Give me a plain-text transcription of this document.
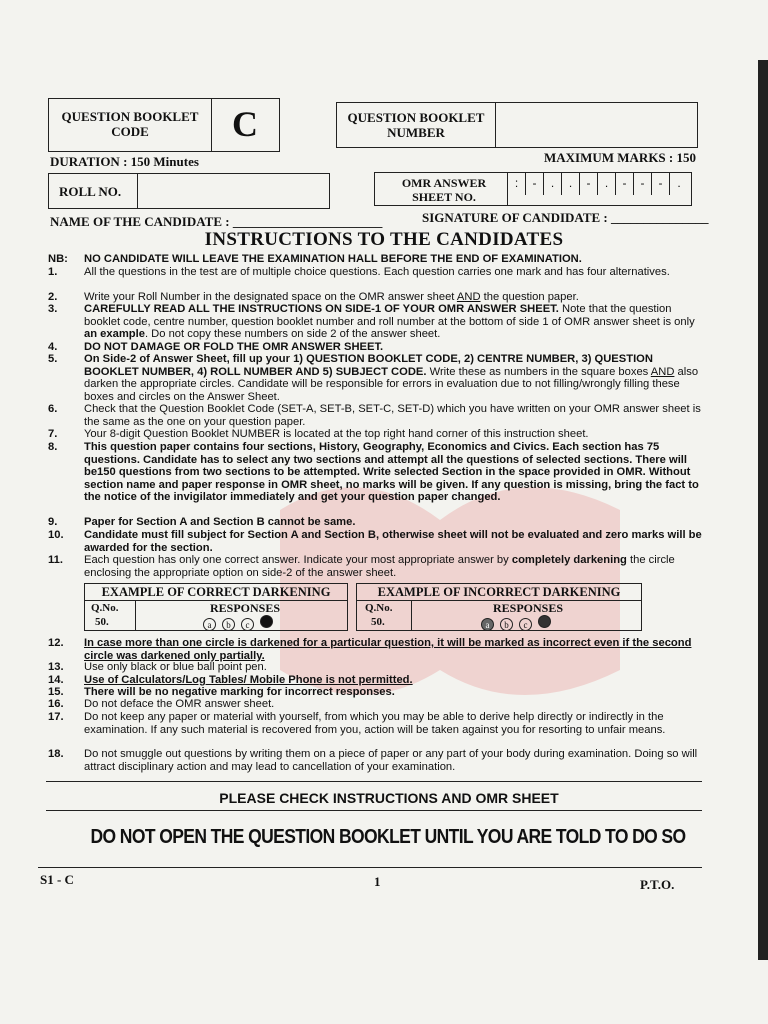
QUESTION BOOKLET CODE	C	QUESTION BOOKLET NUMBER
DURATION : 150 Minutes	MAXIMUM MARKS : 150
ROLL NO.
OMR ANSWER SHEET NO.
: - . . - . - - - .
NAME OF THE CANDIDATE : _______________________	SIGNATURE OF CANDIDATE : _______________
INSTRUCTIONS TO THE CANDIDATES
NB:	NO CANDIDATE WILL LEAVE THE EXAMINATION HALL BEFORE THE END OF EXAMINATION.
1.	All the questions in the test are of multiple choice questions. Each question carries one mark and has four alternatives.
2.	Write your Roll Number in the designated space on the OMR answer sheet AND the question paper.
3.	CAREFULLY READ ALL THE INSTRUCTIONS ON SIDE-1 OF YOUR OMR ANSWER SHEET. Note that the question booklet code, centre number, question booklet number and roll number at the bottom of side 1 of OMR answer sheet is only an example. Do not copy these numbers on side 2 of the answer sheet.
4.	DO NOT DAMAGE OR FOLD THE OMR ANSWER SHEET.
5.	On Side-2 of Answer Sheet, fill up your 1) QUESTION BOOKLET CODE, 2) CENTRE NUMBER, 3) QUESTION BOOKLET NUMBER, 4) ROLL NUMBER AND 5) SUBJECT CODE. Write these as numbers in the square boxes AND also darken the appropriate circles. Candidate will be responsible for errors in evaluation due to not filling/wrongly filling these boxes and circles on the Answer Sheet.
6.	Check that the Question Booklet Code (SET-A, SET-B, SET-C, SET-D) which you have written on your OMR answer sheet is the same as the one on your question paper.
7.	Your 8-digit Question Booklet NUMBER is located at the top right hand corner of this instruction sheet.
8.	This question paper contains four sections, History, Geography, Economics and Civics. Each section has 75 questions. Candidate has to select any two sections and attempt all the questions of selected sections. There will be150 questions from two sections to be attempted. Write selected Section in the space provided in OMR. Without section name and paper response in OMR sheet, no marks will be given. If any question is missing, bring the fact to the notice of the invigilator immediately and get your question paper changed.
9.	Paper for Section A and Section B cannot be same.
10.	Candidate must fill subject for Section A and Section B, otherwise sheet will not be evaluated and zero marks will be awarded for the section.
11.	Each question has only one correct answer. Indicate your most appropriate answer by completely darkening the circle enclosing the appropriate option on side-2 of the answer sheet.
EXAMPLE OF CORRECT DARKENING
Q.No.
50.
RESPONSES
a b c
EXAMPLE OF INCORRECT DARKENING
Q.No.
50.
RESPONSES
a b c
12.	In case more than one circle is darkened for a particular question, it will be marked as incorrect even if the second circle was darkened only partially.
13.	Use only black or blue ball point pen.
14.	Use of Calculators/Log Tables/ Mobile Phone is not permitted.
15.	There will be no negative marking for incorrect responses.
16.	Do not deface the OMR answer sheet.
17.	Do not keep any paper or material with yourself, from which you may be able to derive help directly or indirectly in the examination. If any such material is recovered from you, action will be taken against you for resorting to unfair means.
18.	Do not smuggle out questions by writing them on a piece of paper or any part of your body during examination. Doing so will attract disciplinary action and may lead to cancellation of your examination.
PLEASE CHECK INSTRUCTIONS AND OMR SHEET
DO NOT OPEN THE QUESTION BOOKLET UNTIL YOU ARE TOLD TO DO SO
S1 - C	1	P.T.O.
